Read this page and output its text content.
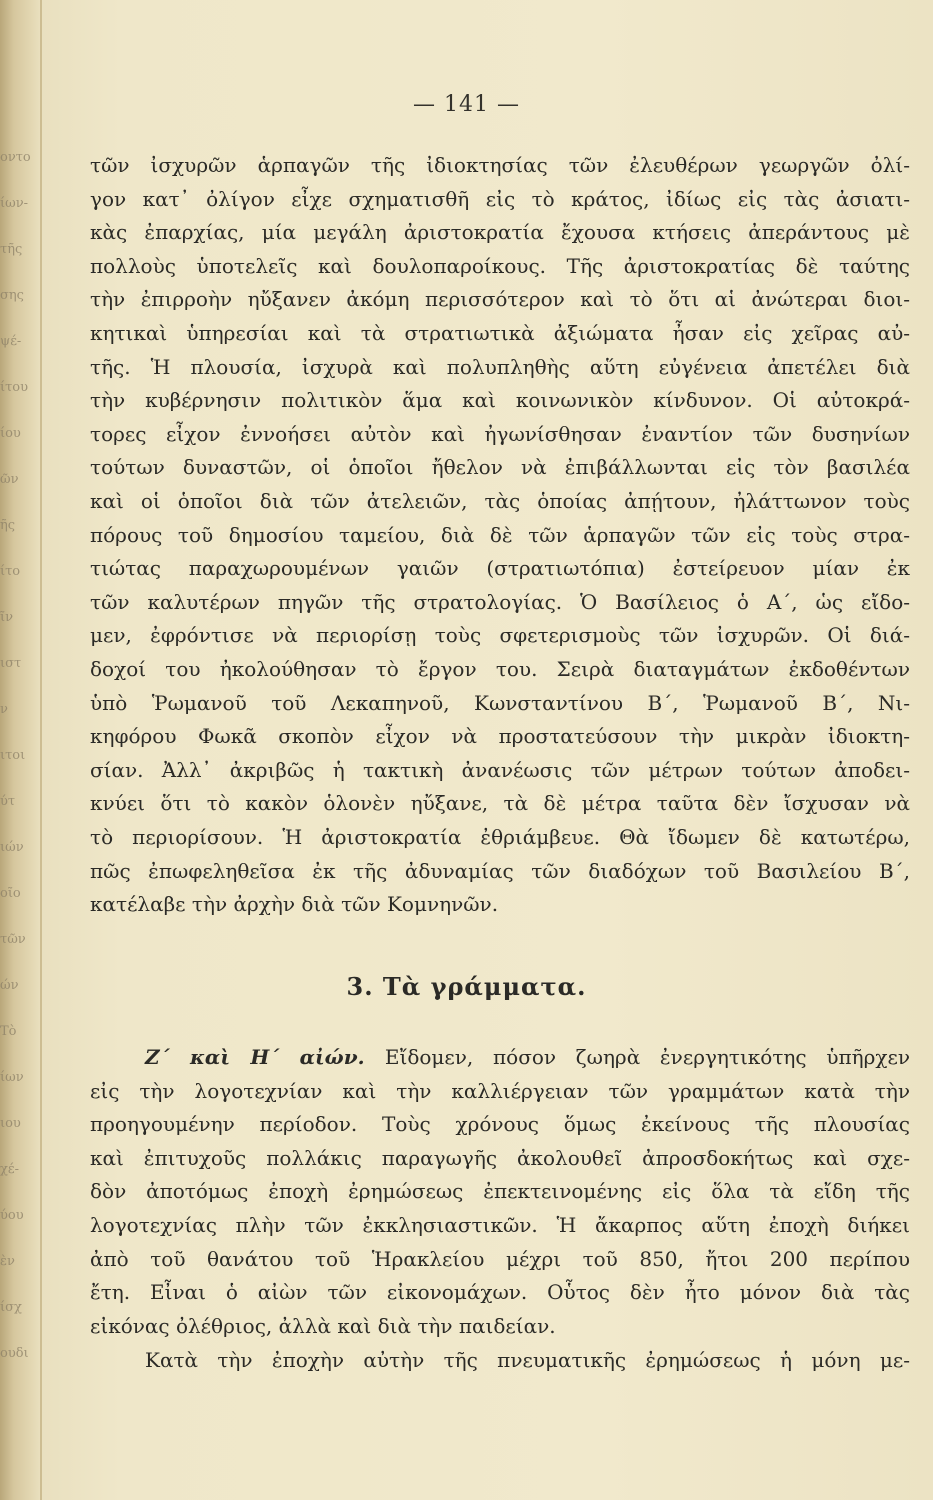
οντο
ίων-
τῆς
σης
ψέ-
ίτου
ίου
ῶν
ῆς
ίτο
ῖν
ιστ
ν
ιτοι
ύτ
ιών
οῖο
τῶν
ών
Τὸ
ίων
ιου
χέ-
ύου
ὲν
ίσχ
ουδι
— 141 —
τῶν ἰσχυρῶν ἁρπαγῶν τῆς ἰδιοκτησίας τῶν ἐλευθέρων γεωργῶν ὀλί-
γον κατ᾽ ὀλίγον εἶχε σχηματισθῆ εἰς τὸ κράτος, ἰδίως εἰς τὰς ἀσιατι-
κὰς ἐπαρχίας, μία μεγάλη ἀριστοκρατία ἔχουσα κτήσεις ἀπεράντους μὲ
πολλοὺς ὑποτελεῖς καὶ δουλοπαροίκους. Τῆς ἀριστοκρατίας δὲ ταύτης
τὴν ἐπιρροὴν ηὔξανεν ἀκόμη περισσότερον καὶ τὸ ὅτι αἱ ἀνώτεραι διοι-
κητικαὶ ὑπηρεσίαι καὶ τὰ στρατιωτικὰ ἀξιώματα ἦσαν εἰς χεῖρας αὐ-
τῆς. Ἡ πλουσία, ἰσχυρὰ καὶ πολυπληθὴς αὕτη εὐγένεια ἀπετέλει διὰ
τὴν κυβέρνησιν πολιτικὸν ἅμα καὶ κοινωνικὸν κίνδυνον. Οἱ αὐτοκρά-
τορες εἶχον ἐννοήσει αὐτὸν καὶ ἠγωνίσθησαν ἐναντίον τῶν δυσηνίων
τούτων δυναστῶν, οἱ ὁποῖοι ἤθελον νὰ ἐπιβάλλωνται εἰς τὸν βασιλέα
καὶ οἱ ὁποῖοι διὰ τῶν ἀτελειῶν, τὰς ὁποίας ἀπῄτουν, ἠλάττωνον τοὺς
πόρους τοῦ δημοσίου ταμείου, διὰ δὲ τῶν ἁρπαγῶν τῶν εἰς τοὺς στρα-
τιώτας παραχωρουμένων γαιῶν (στρατιωτόπια) ἐστείρευον μίαν ἐκ
τῶν καλυτέρων πηγῶν τῆς στρατολογίας. Ὁ Βασίλειος ὁ Α´, ὡς εἴδο-
μεν, ἐφρόντισε νὰ περιορίσῃ τοὺς σφετερισμοὺς τῶν ἰσχυρῶν. Οἱ διά-
δοχοί του ἠκολούθησαν τὸ ἔργον του. Σειρὰ διαταγμάτων ἐκδοθέντων
ὑπὸ Ῥωμανοῦ τοῦ Λεκαπηνοῦ, Κωνσταντίνου Β´, Ῥωμανοῦ Β´, Νι-
κηφόρου Φωκᾶ σκοπὸν εἶχον νὰ προστατεύσουν τὴν μικρὰν ἰδιοκτη-
σίαν. Ἀλλ᾽ ἀκριβῶς ἡ τακτικὴ ἀνανέωσις τῶν μέτρων τούτων ἀποδει-
κνύει ὅτι τὸ κακὸν ὁλονὲν ηὔξανε, τὰ δὲ μέτρα ταῦτα δὲν ἴσχυσαν νὰ
τὸ περιορίσουν. Ἡ ἀριστοκρατία ἐθριάμβευε. Θὰ ἴδωμεν δὲ κατωτέρω,
πῶς ἐπωφεληθεῖσα ἐκ τῆς ἀδυναμίας τῶν διαδόχων τοῦ Βασιλείου Β´,
κατέλαβε τὴν ἀρχὴν διὰ τῶν Κομνηνῶν.
3. Τὰ γράμματα.
Ζ´ καὶ Η´ αἰών. Εἴδομεν, πόσον ζωηρὰ ἐνεργητικότης ὑπῆρχεν
εἰς τὴν λογοτεχνίαν καὶ τὴν καλλιέργειαν τῶν γραμμάτων κατὰ τὴν
προηγουμένην περίοδον. Τοὺς χρόνους ὅμως ἐκείνους τῆς πλουσίας
καὶ ἐπιτυχοῦς πολλάκις παραγωγῆς ἀκολουθεῖ ἀπροσδοκήτως καὶ σχε-
δὸν ἀποτόμως ἐποχὴ ἐρημώσεως ἐπεκτεινομένης εἰς ὅλα τὰ εἴδη τῆς
λογοτεχνίας πλὴν τῶν ἐκκλησιαστικῶν. Ἡ ἄκαρπος αὕτη ἐποχὴ διήκει
ἀπὸ τοῦ θανάτου τοῦ Ἡρακλείου μέχρι τοῦ 850, ἤτοι 200 περίπου
ἔτη. Εἶναι ὁ αἰὼν τῶν εἰκονομάχων. Οὗτος δὲν ἦτο μόνον διὰ τὰς
εἰκόνας ὀλέθριος, ἀλλὰ καὶ διὰ τὴν παιδείαν.
Κατὰ τὴν ἐποχὴν αὐτὴν τῆς πνευματικῆς ἐρημώσεως ἡ μόνη με-
